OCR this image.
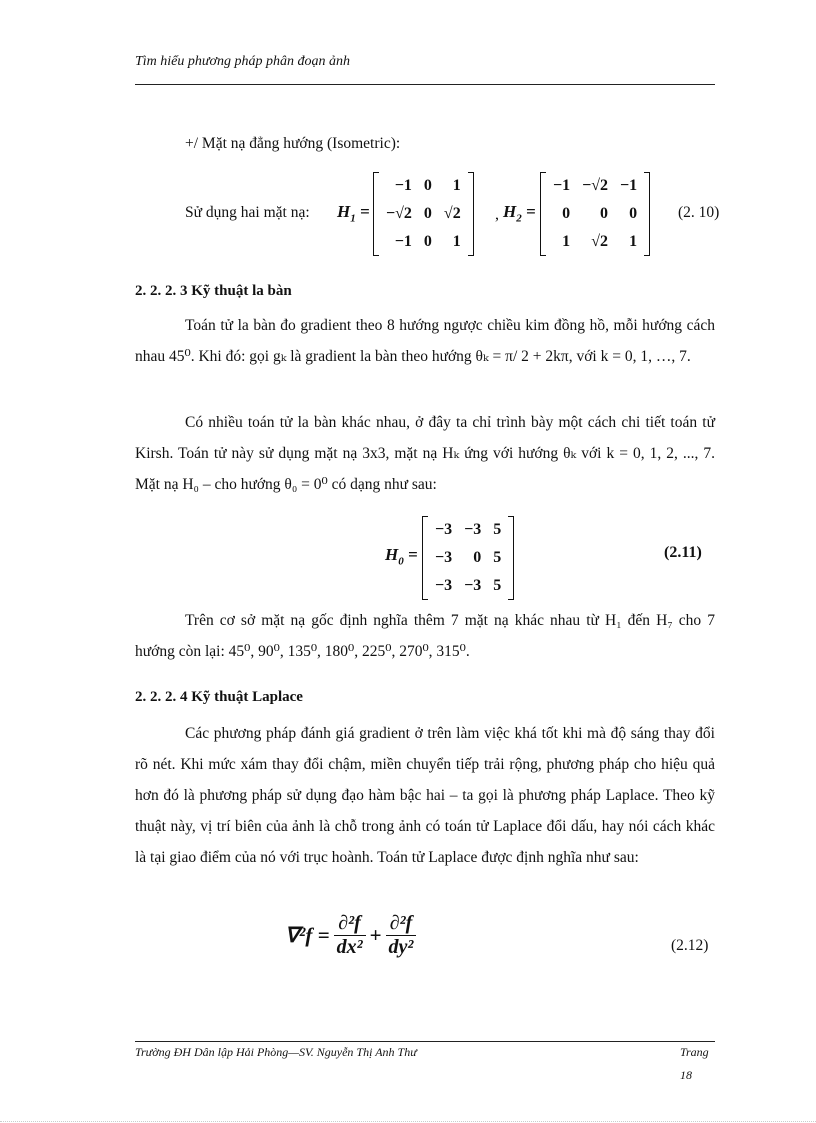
Tìm hiểu phương pháp phân đoạn ảnh
+/ Mặt nạ đẳng hướng (Isometric):
Sử dụng hai mặt nạ: $H_1$ =
−1	0	1
−√2	0	√2
−1	0	1
, $H_2$ =
−1	−√2	−1
0	0	0
1	√2	1
(2. 10)
2. 2. 2. 3 Kỹ thuật la bàn
Toán tử la bàn đo gradient theo 8 hướng ngược chiều kim đồng hồ, mỗi hướng cách nhau 45⁰. Khi đó: gọi gₖ là gradient la bàn theo hướng θₖ = π/ 2 + 2kπ, với k = 0, 1, …, 7.
Có nhiều toán tử la bàn khác nhau, ở đây ta chỉ trình bày một cách chi tiết toán tử Kirsh. Toán tử này sử dụng mặt nạ 3x3, mặt nạ Hₖ ứng với hướng θₖ với k = 0, 1, 2, ..., 7. Mặt nạ H₀ – cho hướng θ₀ = 0⁰ có dạng như sau:
$H_0$ =
−3	−3	5
−3	0	5
−3	−3	5
(2.11)
Trên cơ sở mặt nạ gốc định nghĩa thêm 7 mặt nạ khác nhau từ H₁ đến H₇ cho 7 hướng còn lại: 45⁰, 90⁰, 135⁰, 180⁰, 225⁰, 270⁰, 315⁰.
2. 2. 2. 4 Kỹ thuật Laplace
Các phương pháp đánh giá gradient ở trên làm việc khá tốt khi mà độ sáng thay đổi rõ nét. Khi mức xám thay đổi chậm, miền chuyển tiếp trải rộng, phương pháp cho hiệu quả hơn đó là phương pháp sử dụng đạo hàm bậc hai – ta gọi là phương pháp Laplace. Theo kỹ thuật này, vị trí biên của ảnh là chỗ trong ảnh có toán tử Laplace đổi dấu, hay nói cách khác là tại giao điểm của nó với trục hoành. Toán tử Laplace được định nghĩa như sau:
$\nabla^2f = \frac{\text{∂²f}}{\text{dx²}} + \frac{\text{∂²f}}{\text{dy²}}$	(2.12)
Trường ĐH Dân lập Hải Phòng—SV. Nguyễn Thị Anh Thư	Trang
18
